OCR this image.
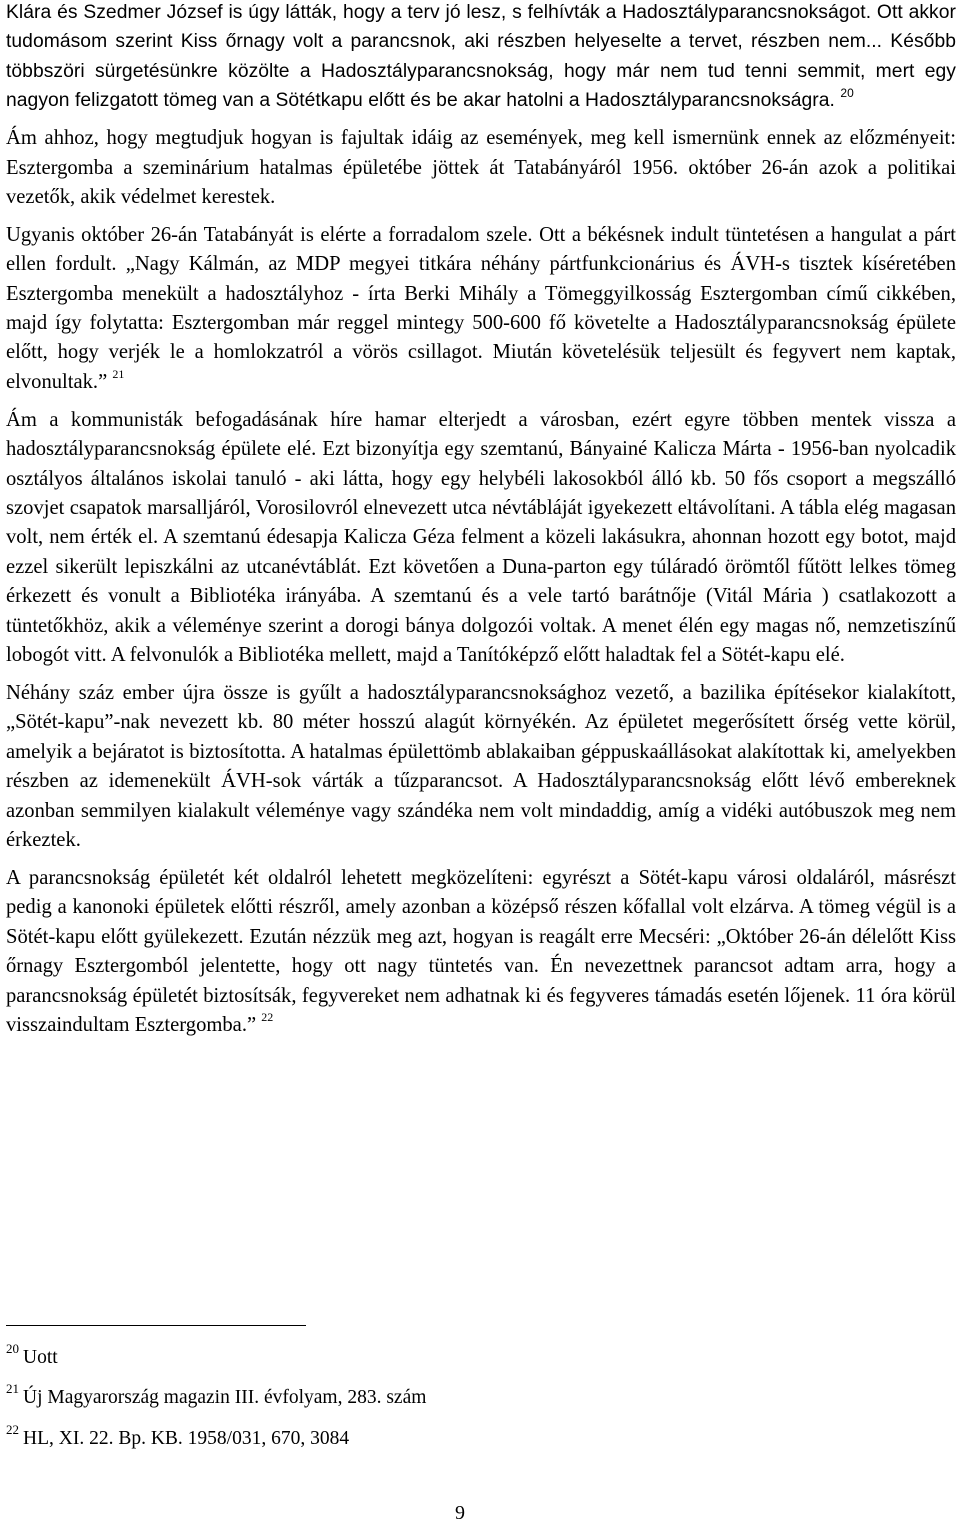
Klára és Szedmer József is úgy látták, hogy a terv jó lesz, s felhívták a Hadosztályparancsnokságot. Ott akkor tudomásom szerint Kiss őrnagy volt a parancsnok, aki részben helyeselte a tervet, részben nem... Később többszöri sürgetésünkre közölte a Hadosztályparancsnokság, hogy már nem tud tenni semmit, mert egy nagyon felizgatott tömeg van a Sötétkapu előtt és be akar hatolni a Hadosztályparancsnokságra. $^{20}$

Ám ahhoz, hogy megtudjuk hogyan is fajultak idáig az események, meg kell ismernünk ennek az előzményeit: Esztergomba a szeminárium hatalmas épületébe jöttek át Tatabányáról 1956. október 26-án azok a politikai vezetők, akik védelmet kerestek.

Ugyanis október 26-án Tatabányát is elérte a forradalom szele. Ott a békésnek indult tüntetésen a hangulat a párt ellen fordult. „Nagy Kálmán, az MDP megyei titkára néhány pártfunkcionárius és ÁVH-s tisztek kíséretében Esztergomba menekült a hadosztályhoz - írta Berki Mihály a Tömeggyilkosság Esztergomban című cikkében, majd így folytatta: Esztergomban már reggel mintegy 500-600 fő követelte a Hadosztályparancsnokság épülete előtt, hogy verjék le a homlokzatról a vörös csillagot. Miután követelésük teljesült és fegyvert nem kaptak, elvonultak.” $^{21}$

Ám a kommunisták befogadásának híre hamar elterjedt a városban, ezért egyre többen mentek vissza a hadosztályparancsnokság épülete elé. Ezt bizonyítja egy szemtanú, Bányainé Kalicza Márta - 1956-ban nyolcadik osztályos általános iskolai tanuló - aki látta, hogy egy helybéli lakosokból álló kb. 50 fős csoport a megszálló szovjet csapatok marsalljáról, Vorosilovról elnevezett utca névtábláját igyekezett eltávolítani. A tábla elég magasan volt, nem érték el. A szemtanú édesapja Kalicza Géza felment a közeli lakásukra, ahonnan hozott egy botot, majd ezzel sikerült lepiszkálni az utcanévtáblát. Ezt követően a Duna-parton egy túláradó örömtől fűtött lelkes tömeg érkezett és vonult a Bibliotéka irányába. A szemtanú és a vele tartó barátnője (Vitál Mária ) csatlakozott a tüntetőkhöz, akik a véleménye szerint a dorogi bánya dolgozói voltak. A menet élén egy magas nő, nemzetiszínű lobogót vitt. A felvonulók a Bibliotéka mellett, majd a Tanítóképző előtt haladtak fel a Sötét-kapu elé.

Néhány száz ember újra össze is gyűlt a hadosztályparancsnoksághoz vezető, a bazilika építésekor kialakított, „Sötét-kapu”-nak nevezett kb. 80 méter hosszú alagút környékén. Az épületet megerősített őrség vette körül, amelyik a bejáratot is biztosította. A hatalmas épülettömb ablakaiban géppuskaállásokat alakítottak ki, amelyekben részben az idemenekült ÁVH-sok várták a tűzparancsot. A Hadosztályparancsnokság előtt lévő embereknek azonban semmilyen kialakult véleménye vagy szándéka nem volt mindaddig, amíg a vidéki autóbuszok meg nem érkeztek.

A parancsnokság épületét két oldalról lehetett megközelíteni: egyrészt a Sötét-kapu városi oldaláról, másrészt pedig a kanonoki épületek előtti részről, amely azonban a középső részen kőfallal volt elzárva. A tömeg végül is a Sötét-kapu előtt gyülekezett. Ezután nézzük meg azt, hogyan is reagált erre Mecséri: „Október 26-án délelőtt Kiss őrnagy Esztergomból jelentette, hogy ott nagy tüntetés van. Én nevezettnek parancsot adtam arra, hogy a parancsnokság épületét biztosítsák, fegyvereket nem adhatnak ki és fegyveres támadás esetén lőjenek. 11 óra körül visszaindultam Esztergomba.” $^{22}$

$^{20}$ Uott
$^{21}$ Új Magyarország magazin III. évfolyam, 283. szám
$^{22}$ HL, XI. 22. Bp. KB. 1958/031, 670, 3084
9
